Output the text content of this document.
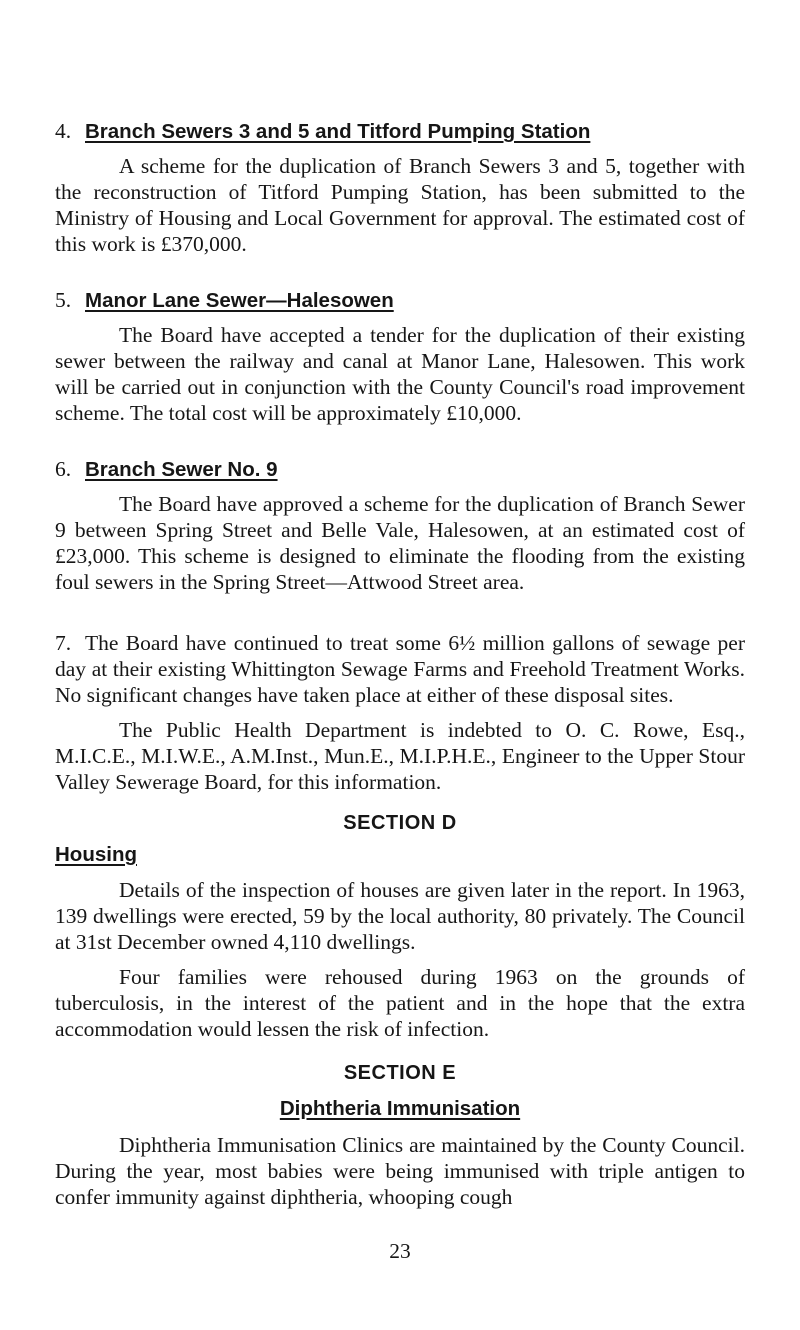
4. Branch Sewers 3 and 5 and Titford Pumping Station

A scheme for the duplication of Branch Sewers 3 and 5, together with the reconstruction of Titford Pumping Station, has been submitted to the Ministry of Housing and Local Government for approval. The estimated cost of this work is £370,000.

5. Manor Lane Sewer—Halesowen

The Board have accepted a tender for the duplication of their existing sewer between the railway and canal at Manor Lane, Halesowen. This work will be carried out in conjunction with the County Council's road improvement scheme. The total cost will be approximately £10,000.

6. Branch Sewer No. 9

The Board have approved a scheme for the duplication of Branch Sewer 9 between Spring Street and Belle Vale, Halesowen, at an estimated cost of £23,000. This scheme is designed to eliminate the flooding from the existing foul sewers in the Spring Street—Attwood Street area.

7. The Board have continued to treat some 6½ million gallons of sewage per day at their existing Whittington Sewage Farms and Freehold Treatment Works. No significant changes have taken place at either of these disposal sites.

The Public Health Department is indebted to O. C. Rowe, Esq., M.I.C.E., M.I.W.E., A.M.Inst., Mun.E., M.I.P.H.E., Engineer to the Upper Stour Valley Sewerage Board, for this information.

SECTION D
Housing

Details of the inspection of houses are given later in the report. In 1963, 139 dwellings were erected, 59 by the local authority, 80 privately. The Council at 31st December owned 4,110 dwellings.

Four families were rehoused during 1963 on the grounds of tuberculosis, in the interest of the patient and in the hope that the extra accommodation would lessen the risk of infection.

SECTION E
Diphtheria Immunisation

Diphtheria Immunisation Clinics are maintained by the County Council. During the year, most babies were being immunised with triple antigen to confer immunity against diphtheria, whooping cough

23
